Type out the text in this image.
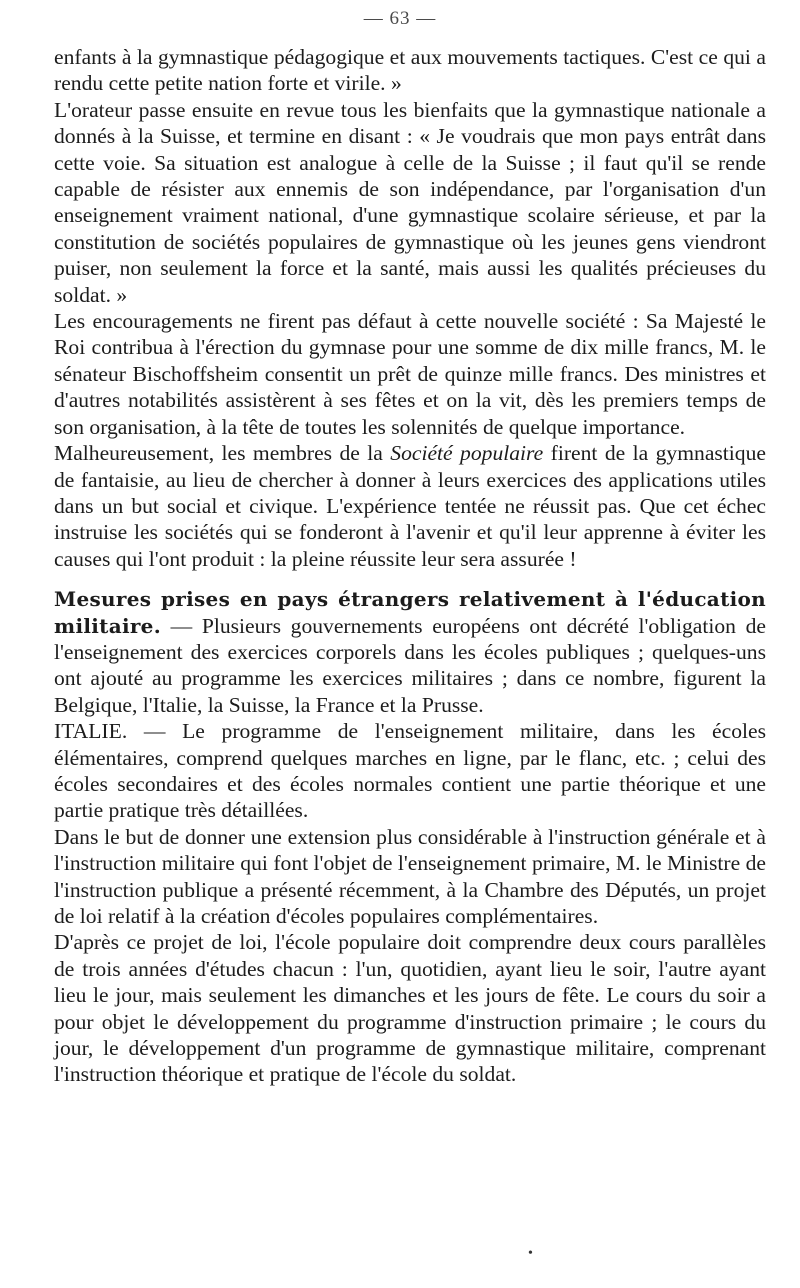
— 63 —

enfants à la gymnastique pédagogique et aux mouvements tactiques. C'est ce qui a rendu cette petite nation forte et virile. »

L'orateur passe ensuite en revue tous les bienfaits que la gymnastique nationale a donnés à la Suisse, et termine en disant : « Je voudrais que mon pays entrât dans cette voie. Sa situation est analogue à celle de la Suisse ; il faut qu'il se rende capable de résister aux ennemis de son indépendance, par l'organisation d'un enseignement vraiment national, d'une gymnastique scolaire sérieuse, et par la constitution de sociétés populaires de gymnastique où les jeunes gens viendront puiser, non seulement la force et la santé, mais aussi les qualités précieuses du soldat. »

Les encouragements ne firent pas défaut à cette nouvelle société : Sa Majesté le Roi contribua à l'érection du gymnase pour une somme de dix mille francs, M. le sénateur Bischoffsheim consentit un prêt de quinze mille francs. Des ministres et d'autres notabilités assistèrent à ses fêtes et on la vit, dès les premiers temps de son organisation, à la tête de toutes les solennités de quelque importance.

Malheureusement, les membres de la Société populaire firent de la gymnastique de fantaisie, au lieu de chercher à donner à leurs exercices des applications utiles dans un but social et civique. L'expérience tentée ne réussit pas. Que cet échec instruise les sociétés qui se fonderont à l'avenir et qu'il leur apprenne à éviter les causes qui l'ont produit : la pleine réussite leur sera assurée !

Mesures prises en pays étrangers relativement à l'éducation militaire. — Plusieurs gouvernements européens ont décrété l'obligation de l'enseignement des exercices corporels dans les écoles publiques ; quelques-uns ont ajouté au programme les exercices militaires ; dans ce nombre, figurent la Belgique, l'Italie, la Suisse, la France et la Prusse.

ITALIE. — Le programme de l'enseignement militaire, dans les écoles élémentaires, comprend quelques marches en ligne, par le flanc, etc. ; celui des écoles secondaires et des écoles normales contient une partie théorique et une partie pratique très détaillées.

Dans le but de donner une extension plus considérable à l'instruction générale et à l'instruction militaire qui font l'objet de l'enseignement primaire, M. le Ministre de l'instruction publique a présenté récemment, à la Chambre des Députés, un projet de loi relatif à la création d'écoles populaires complémentaires.

D'après ce projet de loi, l'école populaire doit comprendre deux cours parallèles de trois années d'études chacun : l'un, quotidien, ayant lieu le soir, l'autre ayant lieu le jour, mais seulement les dimanches et les jours de fête. Le cours du soir a pour objet le développement du programme d'instruction primaire ; le cours du jour, le développement d'un programme de gymnastique militaire, comprenant l'instruction théorique et pratique de l'école du soldat.

•
